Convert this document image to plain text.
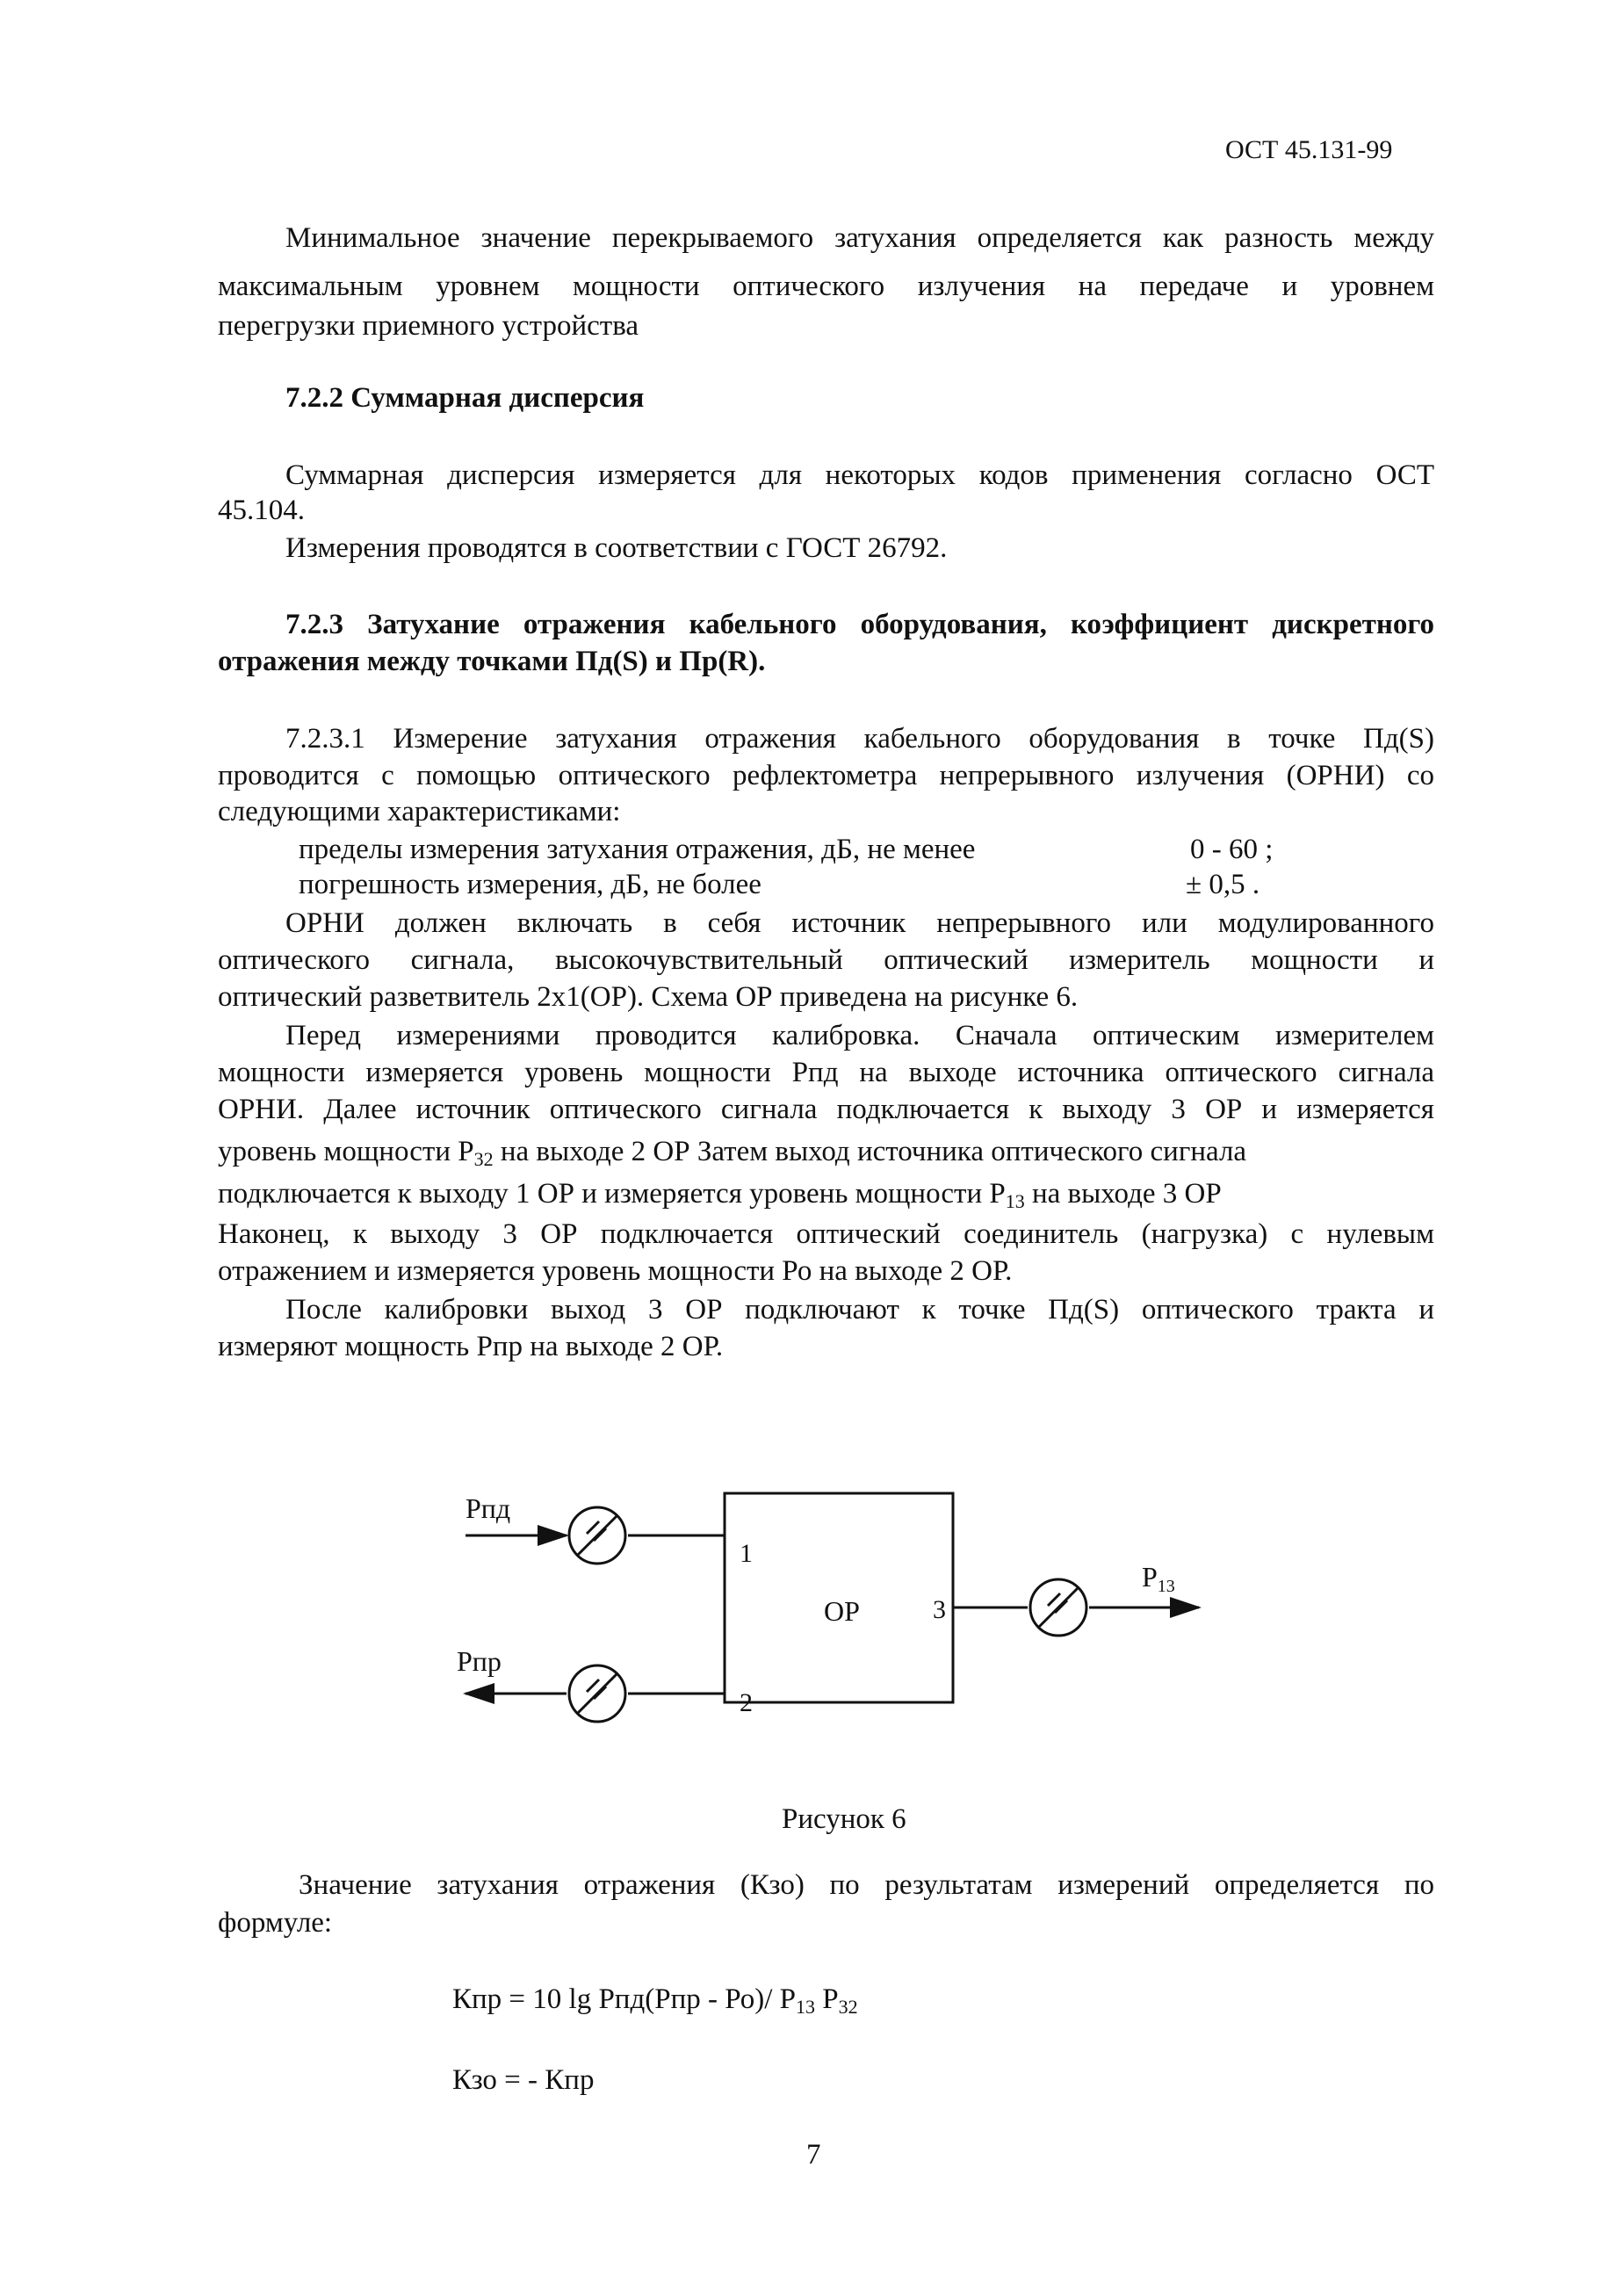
ОСТ 45.131-99
Минимальное значение перекрываемого затухания определяется как разность между
максимальным уровнем мощности оптического излучения на передаче и уровнем
перегрузки приемного устройства
7.2.2 Суммарная дисперсия
Суммарная дисперсия измеряется для некоторых кодов применения согласно ОСТ
45.104.
Измерения проводятся в соответствии с ГОСТ 26792.
7.2.3 Затухание отражения кабельного оборудования, коэффициент дискретного
отражения между точками Пд(S) и Пр(R).
7.2.3.1 Измерение затухания отражения кабельного оборудования в точке Пд(S)
проводится с помощью оптического рефлектометра непрерывного излучения (ОРНИ) со
следующими характеристиками:
пределы измерения затухания отражения, дБ, не менее	0 - 60 ;
погрешность измерения, дБ, не более	± 0,5 .
ОРНИ должен включать в себя источник непрерывного или модулированного
оптического сигнала, высокочувствительный оптический измеритель мощности и
оптический разветвитель 2х1(ОР). Схема ОР приведена на рисунке 6.
Перед измерениями проводится калибровка. Сначала оптическим измерителем
мощности измеряется уровень мощности Рпд на выходе источника оптического сигнала
ОРНИ. Далее источник оптического сигнала подключается к выходу 3 ОР и измеряется
уровень мощности $Р_{32}$ на выходе 2 ОР Затем выход источника оптического сигнала
подключается к выходу 1 ОР и измеряется уровень мощности $Р_{13}$ на выходе 3 ОР
Наконец, к выходу 3 ОР подключается оптический соединитель (нагрузка) с нулевым
отражением и измеряется уровень мощности Ро на выходе 2 ОР.
После калибровки выход 3 ОР подключают к точке Пд(S) оптического тракта и
измеряют мощность Рпр на выходе 2 ОР.
Рпд
Рпр
Р13
ОР
1
2
3
Рисунок 6
Значение затухания отражения (Кзо) по результатам измерений определяется по
формуле:
Кпр = 10 lg Рпд(Рпр - Ро)/ $Р_{13}$ $Р_{32}$
Кзо = - Кпр
7
